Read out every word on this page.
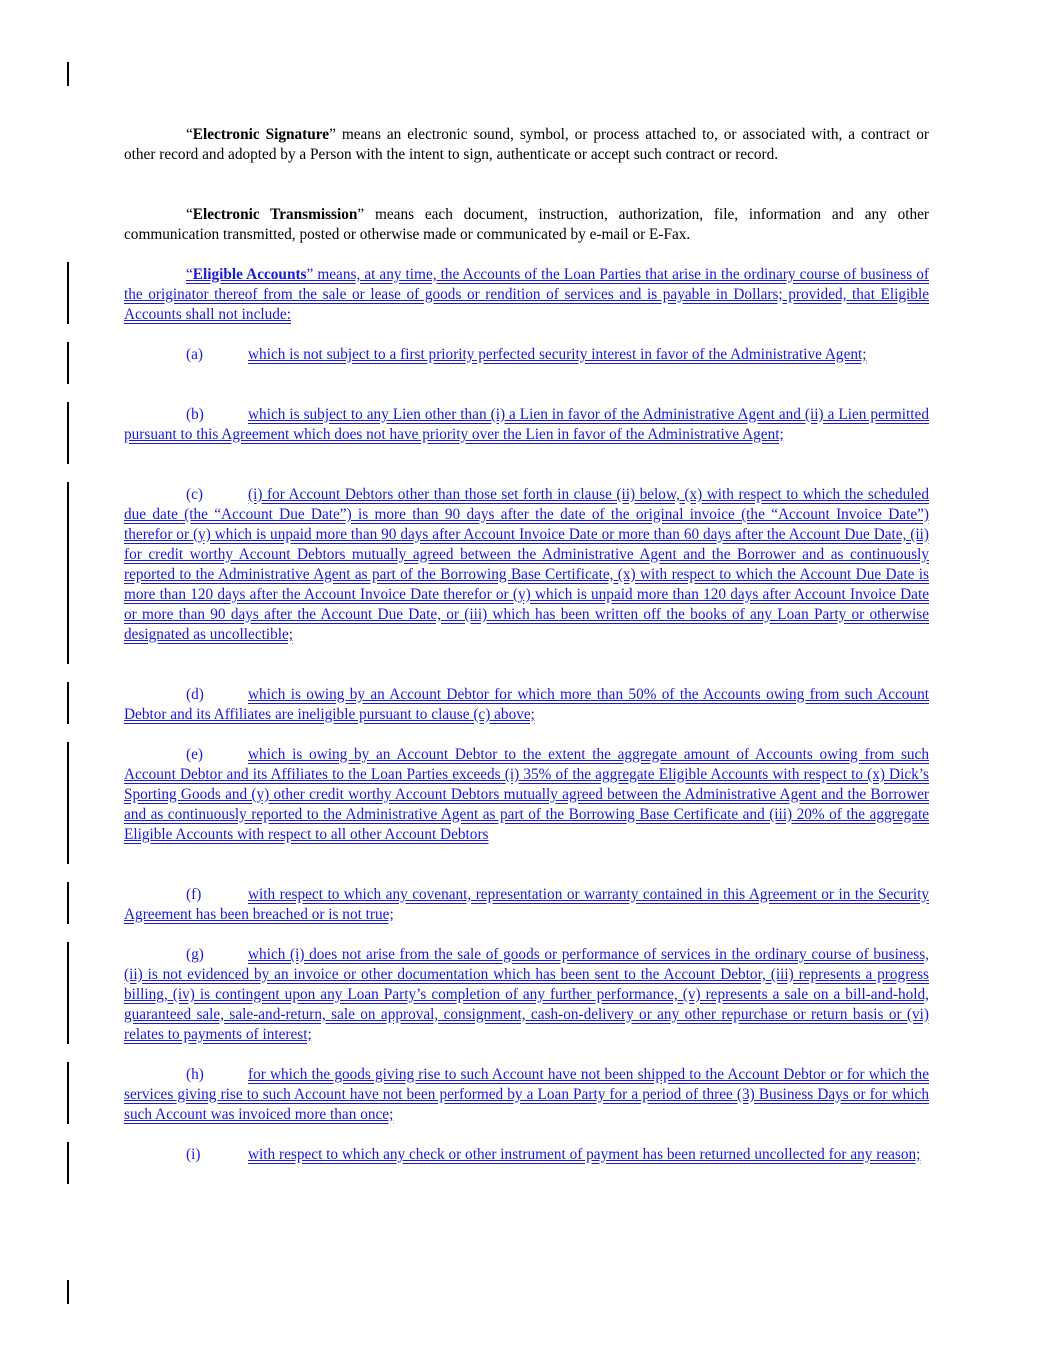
“Electronic Signature” means an electronic sound, symbol, or process attached to, or associated with, a contract or other record and adopted by a Person with the intent to sign, authenticate or accept such contract or record.

“Electronic Transmission” means each document, instruction, authorization, file, information and any other communication transmitted, posted or otherwise made or communicated by e-mail or E-Fax.

“Eligible Accounts” means, at any time, the Accounts of the Loan Parties that arise in the ordinary course of business of the originator thereof from the sale or lease of goods or rendition of services and is payable in Dollars; provided, that Eligible Accounts shall not include:

(a)	which is not subject to a first priority perfected security interest in favor of the Administrative Agent;

(b)	which is subject to any Lien other than (i) a Lien in favor of the Administrative Agent and (ii) a Lien permitted pursuant to this Agreement which does not have priority over the Lien in favor of the Administrative Agent;

(c)	(i) for Account Debtors other than those set forth in clause (ii) below, (x) with respect to which the scheduled due date (the “Account Due Date”) is more than 90 days after the date of the original invoice (the “Account Invoice Date”) therefor or (y) which is unpaid more than 90 days after Account Invoice Date or more than 60 days after the Account Due Date, (ii) for credit worthy Account Debtors mutually agreed between the Administrative Agent and the Borrower and as continuously reported to the Administrative Agent as part of the Borrowing Base Certificate, (x) with respect to which the Account Due Date is more than 120 days after the Account Invoice Date therefor or (y) which is unpaid more than 120 days after Account Invoice Date or more than 90 days after the Account Due Date, or (iii) which has been written off the books of any Loan Party or otherwise designated as uncollectible;

(d)	which is owing by an Account Debtor for which more than 50% of the Accounts owing from such Account Debtor and its Affiliates are ineligible pursuant to clause (c) above;

(e)	which is owing by an Account Debtor to the extent the aggregate amount of Accounts owing from such Account Debtor and its Affiliates to the Loan Parties exceeds (i) 35% of the aggregate Eligible Accounts with respect to (x) Dick’s Sporting Goods and (y) other credit worthy Account Debtors mutually agreed between the Administrative Agent and the Borrower and as continuously reported to the Administrative Agent as part of the Borrowing Base Certificate and (iii) 20% of the aggregate Eligible Accounts with respect to all other Account Debtors

(f)	with respect to which any covenant, representation or warranty contained in this Agreement or in the Security Agreement has been breached or is not true;

(g)	which (i) does not arise from the sale of goods or performance of services in the ordinary course of business, (ii) is not evidenced by an invoice or other documentation which has been sent to the Account Debtor, (iii) represents a progress billing, (iv) is contingent upon any Loan Party’s completion of any further performance, (v) represents a sale on a bill-and-hold, guaranteed sale, sale-and-return, sale on approval, consignment, cash-on-delivery or any other repurchase or return basis or (vi) relates to payments of interest;

(h)	for which the goods giving rise to such Account have not been shipped to the Account Debtor or for which the services giving rise to such Account have not been performed by a Loan Party for a period of three (3) Business Days or for which such Account was invoiced more than once;

(i)	with respect to which any check or other instrument of payment has been returned uncollected for any reason;
